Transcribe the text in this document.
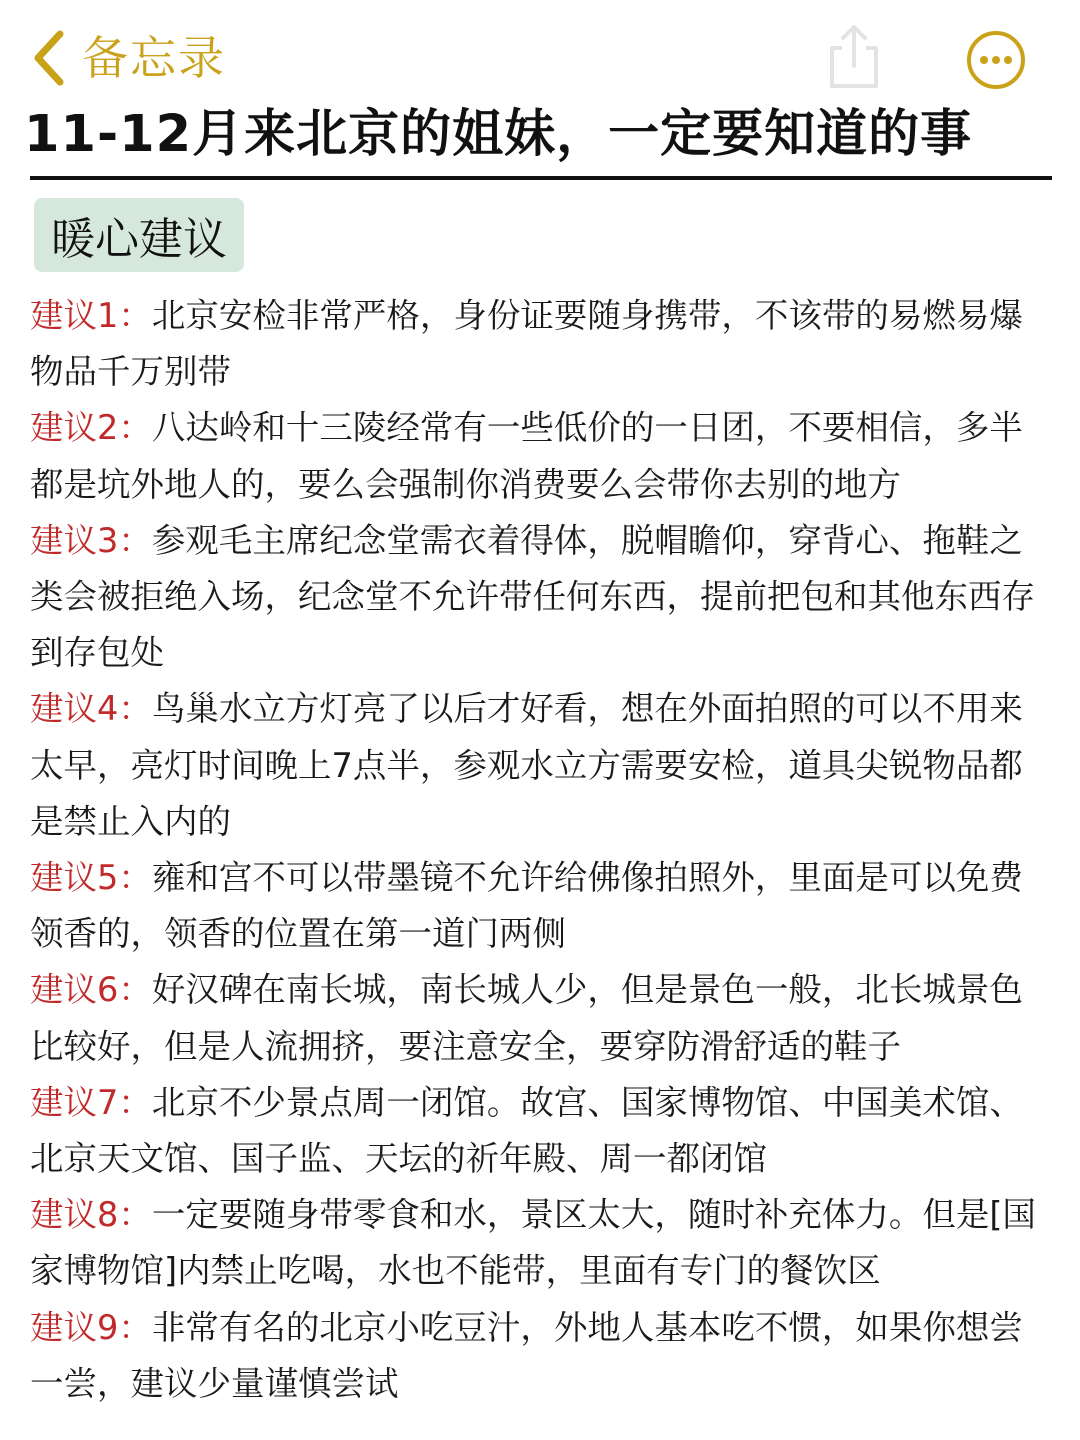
备忘录
11-12月来北京的姐妹，一定要知道的事
暖心建议
建议1：北京安检非常严格，身份证要随身携带，不该带的易燃易爆物品千万别带
建议2：八达岭和十三陵经常有一些低价的一日团，不要相信，多半都是坑外地人的，要么会强制你消费要么会带你去别的地方
建议3：参观毛主席纪念堂需衣着得体，脱帽瞻仰，穿背心、拖鞋之类会被拒绝入场，纪念堂不允许带任何东西，提前把包和其他东西存到存包处
建议4：鸟巢水立方灯亮了以后才好看，想在外面拍照的可以不用来太早，亮灯时间晚上7点半，参观水立方需要安检，道具尖锐物品都是禁止入内的
建议5：雍和宫不可以带墨镜不允许给佛像拍照外，里面是可以免费领香的，领香的位置在第一道门两侧
建议6：好汉碑在南长城，南长城人少，但是景色一般，北长城景色比较好，但是人流拥挤，要注意安全，要穿防滑舒适的鞋子
建议7：北京不少景点周一闭馆。故宫、国家博物馆、中国美术馆、北京天文馆、国子监、天坛的祈年殿、周一都闭馆
建议8：一定要随身带零食和水，景区太大，随时补充体力。但是[国家博物馆]内禁止吃喝，水也不能带，里面有专门的餐饮区
建议9：非常有名的北京小吃豆汁，外地人基本吃不惯，如果你想尝一尝，建议少量谨慎尝试
